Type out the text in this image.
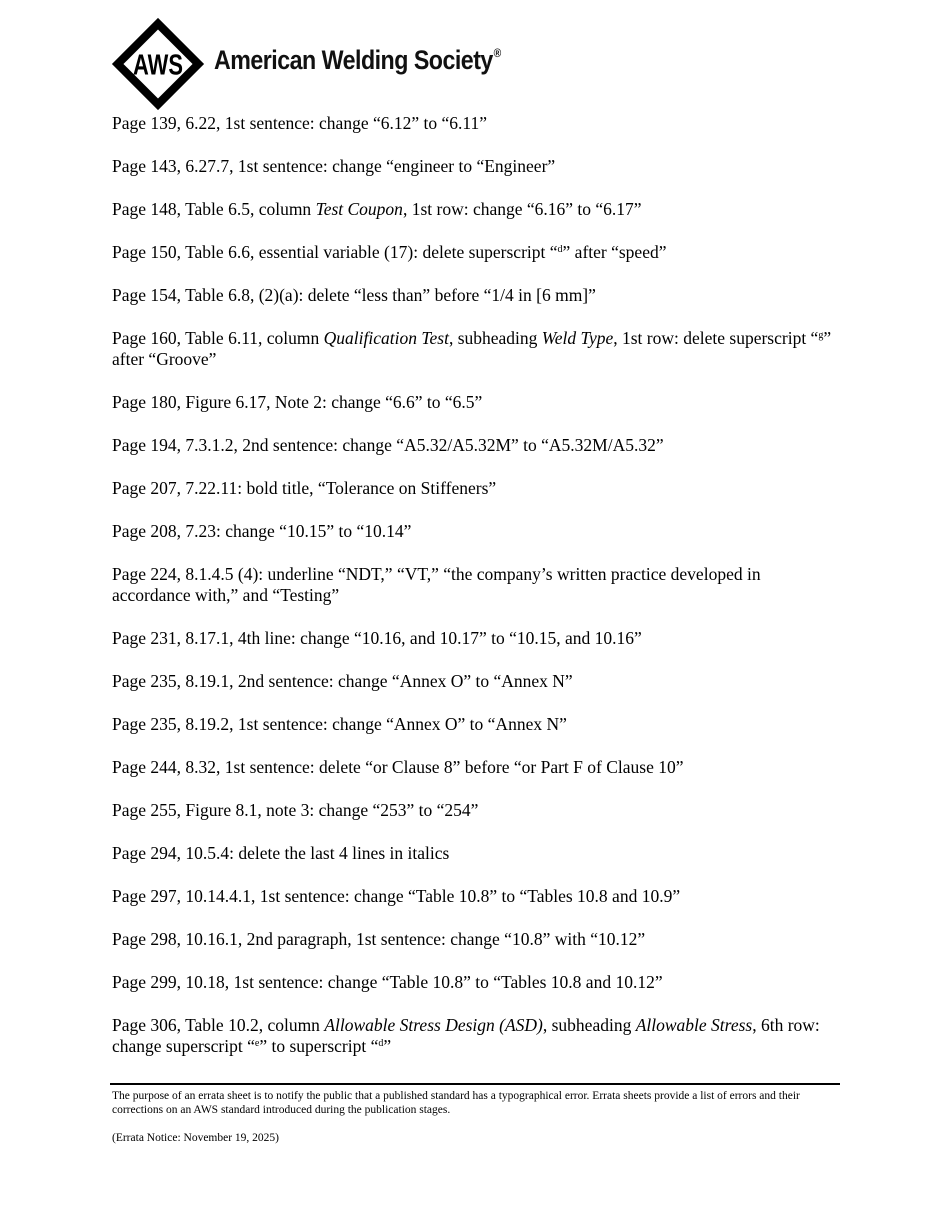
AWS American Welding Society®

Page 139, 6.22, 1st sentence: change “6.12” to “6.11”

Page 143, 6.27.7, 1st sentence: change “engineer to “Engineer”

Page 148, Table 6.5, column Test Coupon, 1st row: change “6.16” to “6.17”

Page 150, Table 6.6, essential variable (17): delete superscript “$^d$” after “speed”

Page 154, Table 6.8, (2)(a): delete “less than” before “1/4 in [6 mm]”

Page 160, Table 6.11, column Qualification Test, subheading Weld Type, 1st row: delete superscript “$^g$” after “Groove”

Page 180, Figure 6.17, Note 2: change “6.6” to “6.5”

Page 194, 7.3.1.2, 2nd sentence: change “A5.32/A5.32M” to “A5.32M/A5.32”

Page 207, 7.22.11: bold title, “Tolerance on Stiffeners”

Page 208, 7.23: change “10.15” to “10.14”

Page 224, 8.1.4.5 (4): underline “NDT,” “VT,” “the company’s written practice developed in accordance with,” and “Testing”

Page 231, 8.17.1, 4th line: change “10.16, and 10.17” to “10.15, and 10.16”

Page 235, 8.19.1, 2nd sentence: change “Annex O” to “Annex N”

Page 235, 8.19.2, 1st sentence: change “Annex O” to “Annex N”

Page 244, 8.32, 1st sentence: delete “or Clause 8” before “or Part F of Clause 10”

Page 255, Figure 8.1, note 3: change “253” to “254”

Page 294, 10.5.4: delete the last 4 lines in italics

Page 297, 10.14.4.1, 1st sentence: change “Table 10.8” to “Tables 10.8 and 10.9”

Page 298, 10.16.1, 2nd paragraph, 1st sentence: change “10.8” with “10.12”

Page 299, 10.18, 1st sentence: change “Table 10.8” to “Tables 10.8 and 10.12”

Page 306, Table 10.2, column Allowable Stress Design (ASD), subheading Allowable Stress, 6th row: change superscript “$^e$” to superscript “$^d$”

The purpose of an errata sheet is to notify the public that a published standard has a typographical error. Errata sheets provide a list of errors and their corrections on an AWS standard introduced during the publication stages.
(Errata Notice: November 19, 2025)
